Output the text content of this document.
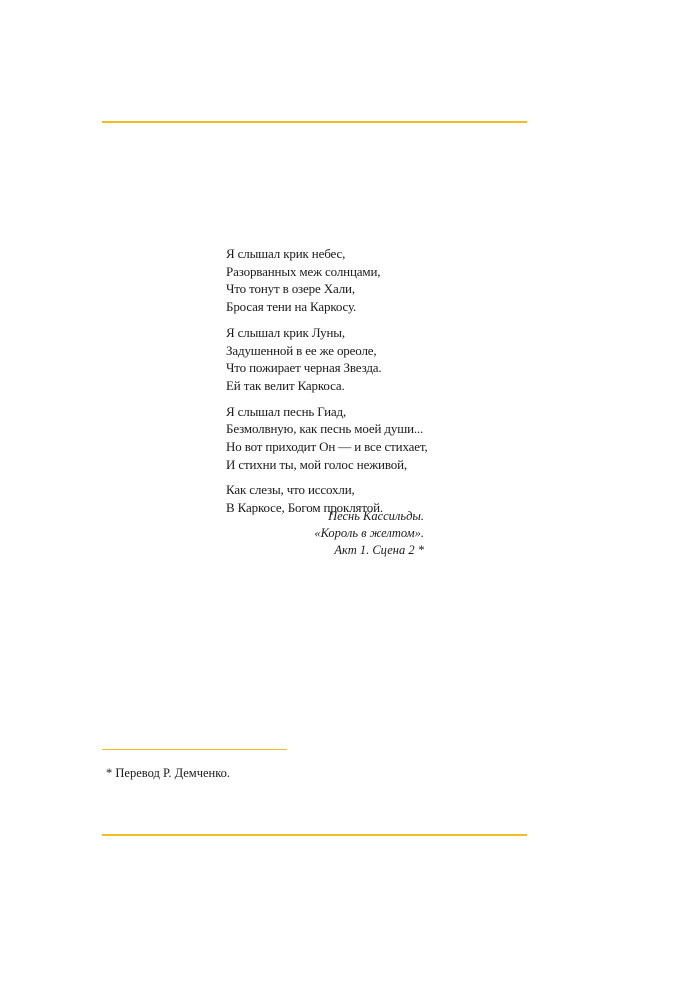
Я слышал крик небес,
Разорванных меж солнцами,
Что тонут в озере Хали,
Бросая тени на Каркосу.
Я слышал крик Луны,
Задушенной в ее же ореоле,
Что пожирает черная Звезда.
Ей так велит Каркоса.
Я слышал песнь Гиад,
Безмолвную, как песнь моей души...
Но вот приходит Он — и все стихает,
И стихни ты, мой голос неживой,
Как слезы, что иссохли,
В Каркосе, Богом проклятой.
Песнь Кассильды.
«Король в желтом».
Акт 1. Сцена 2 *
* Перевод Р. Демченко.
